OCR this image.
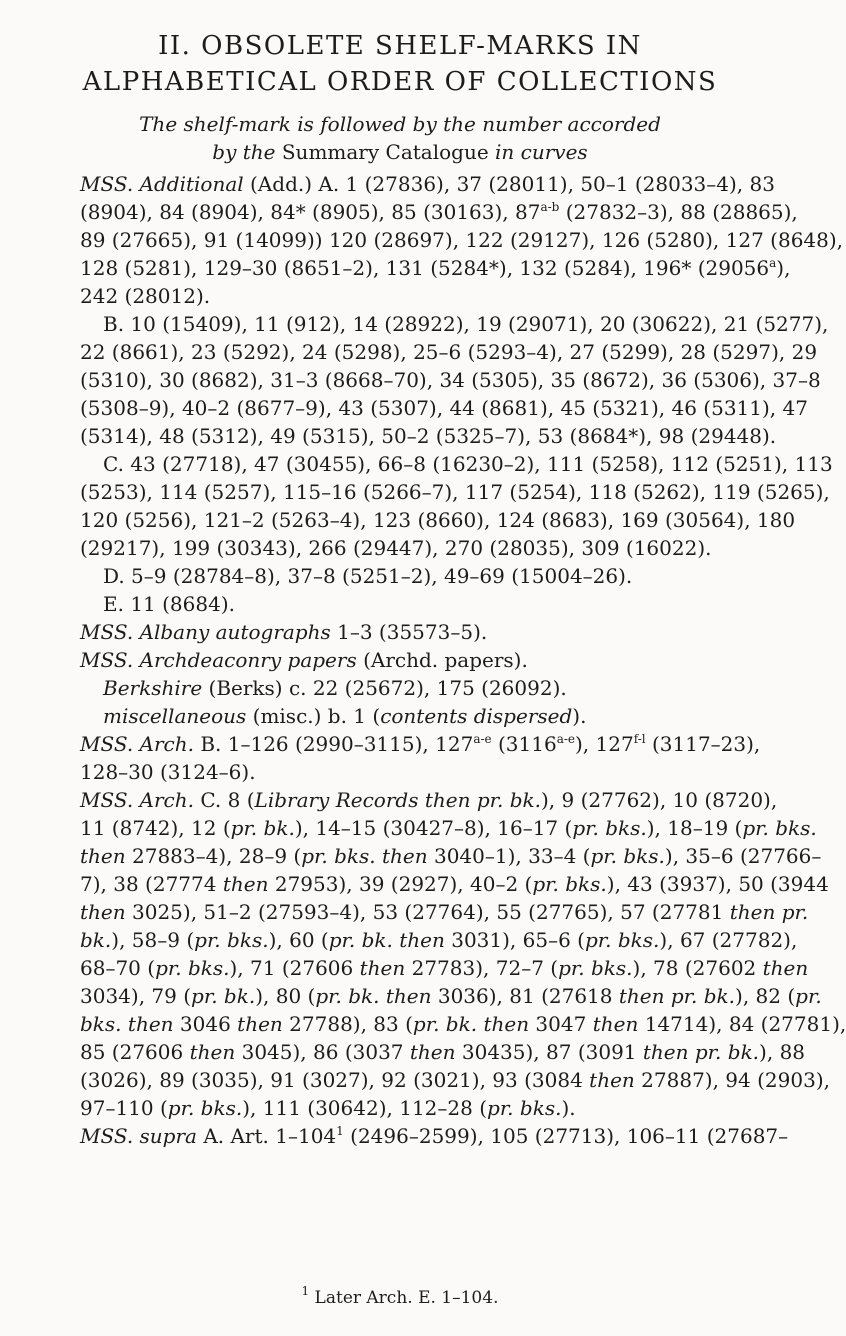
II. OBSOLETE SHELF-MARKS IN
ALPHABETICAL ORDER OF COLLECTIONS
The shelf-mark is followed by the number accorded
by the Summary Catalogue in curves
MSS. Additional (Add.) A. 1 (27836), 37 (28011), 50–1 (28033–4), 83
(8904), 84 (8904), 84* (8905), 85 (30163), 87$^{a-b}$ (27832–3), 88 (28865),
89 (27665), 91 (14099)) 120 (28697), 122 (29127), 126 (5280), 127 (8648),
128 (5281), 129–30 (8651–2), 131 (5284*), 132 (5284), 196* (29056$^a$),
242 (28012).
B. 10 (15409), 11 (912), 14 (28922), 19 (29071), 20 (30622), 21 (5277),
22 (8661), 23 (5292), 24 (5298), 25–6 (5293–4), 27 (5299), 28 (5297), 29
(5310), 30 (8682), 31–3 (8668–70), 34 (5305), 35 (8672), 36 (5306), 37–8
(5308–9), 40–2 (8677–9), 43 (5307), 44 (8681), 45 (5321), 46 (5311), 47
(5314), 48 (5312), 49 (5315), 50–2 (5325–7), 53 (8684*), 98 (29448).
C. 43 (27718), 47 (30455), 66–8 (16230–2), 111 (5258), 112 (5251), 113
(5253), 114 (5257), 115–16 (5266–7), 117 (5254), 118 (5262), 119 (5265),
120 (5256), 121–2 (5263–4), 123 (8660), 124 (8683), 169 (30564), 180
(29217), 199 (30343), 266 (29447), 270 (28035), 309 (16022).
D. 5–9 (28784–8), 37–8 (5251–2), 49–69 (15004–26).
E. 11 (8684).
MSS. Albany autographs 1–3 (35573–5).
MSS. Archdeaconry papers (Archd. papers).
Berkshire (Berks) c. 22 (25672), 175 (26092).
miscellaneous (misc.) b. 1 (contents dispersed).
MSS. Arch. B. 1–126 (2990–3115), 127$^{a-e}$ (3116$^{a-e}$), 127$^{f-l}$ (3117–23),
128–30 (3124–6).
MSS. Arch. C. 8 (Library Records then pr. bk.), 9 (27762), 10 (8720),
11 (8742), 12 (pr. bk.), 14–15 (30427–8), 16–17 (pr. bks.), 18–19 (pr. bks.
then 27883–4), 28–9 (pr. bks. then 3040–1), 33–4 (pr. bks.), 35–6 (27766–
7), 38 (27774 then 27953), 39 (2927), 40–2 (pr. bks.), 43 (3937), 50 (3944
then 3025), 51–2 (27593–4), 53 (27764), 55 (27765), 57 (27781 then pr.
bk.), 58–9 (pr. bks.), 60 (pr. bk. then 3031), 65–6 (pr. bks.), 67 (27782),
68–70 (pr. bks.), 71 (27606 then 27783), 72–7 (pr. bks.), 78 (27602 then
3034), 79 (pr. bk.), 80 (pr. bk. then 3036), 81 (27618 then pr. bk.), 82 (pr.
bks. then 3046 then 27788), 83 (pr. bk. then 3047 then 14714), 84 (27781),
85 (27606 then 3045), 86 (3037 then 30435), 87 (3091 then pr. bk.), 88
(3026), 89 (3035), 91 (3027), 92 (3021), 93 (3084 then 27887), 94 (2903),
97–110 (pr. bks.), 111 (30642), 112–28 (pr. bks.).
MSS. supra A. Art. $1-104^1$ (2496–2599), 105 (27713), 106–11 (27687–
$^1$ Later Arch. E. 1–104.
